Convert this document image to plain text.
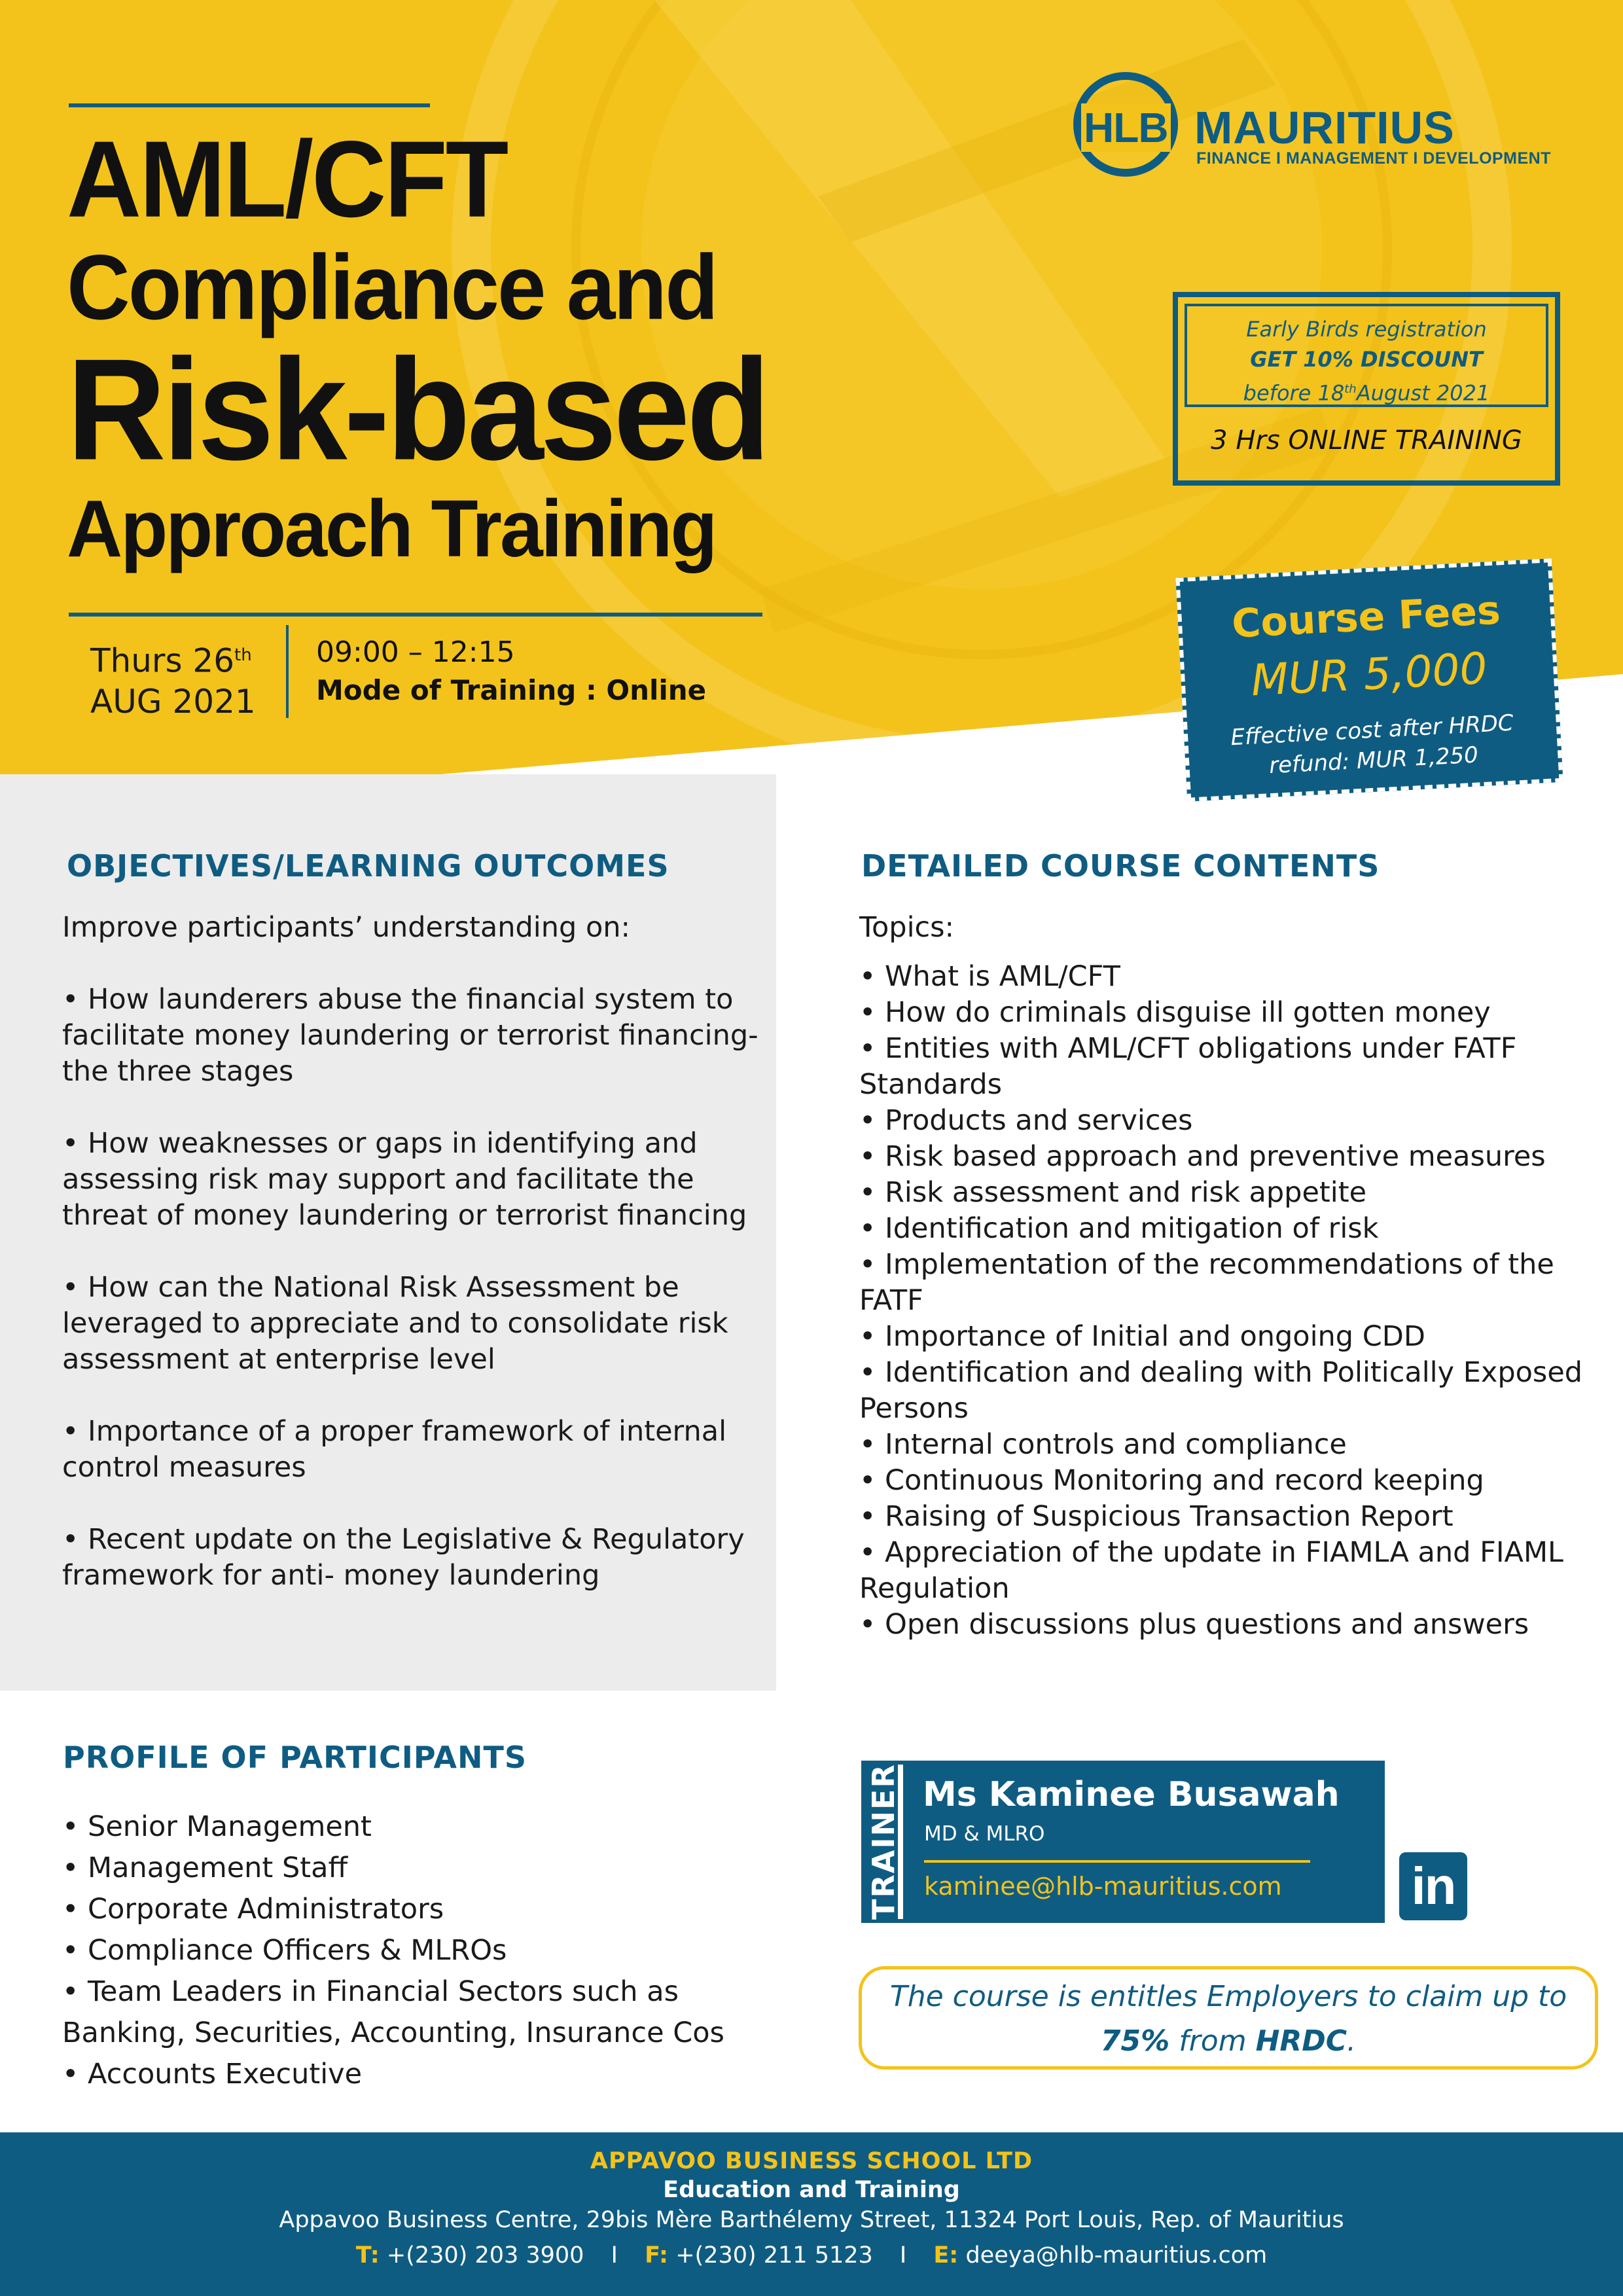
AML/CFT
Compliance and
Risk-based
Approach Training
Thurs 26th
AUG 2021
09:00 – 12:15
Mode of Training : Online
HLB MAURITIUS
FINANCE I MANAGEMENT I DEVELOPMENT
Early Birds registration
GET 10% DISCOUNT
before 18thAugust 2021
3 Hrs ONLINE TRAINING
Course Fees
MUR 5,000
Effective cost after HRDC
refund: MUR 1,250
OBJECTIVES/LEARNING OUTCOMES

Improve participants’ understanding on:

• How launderers abuse the financial system to facilitate money laundering or terrorist financing- the three stages

• How weaknesses or gaps in identifying and assessing risk may support and facilitate the threat of money laundering or terrorist financing

• How can the National Risk Assessment be leveraged to appreciate and to consolidate risk assessment at enterprise level

• Importance of a proper framework of internal control measures

• Recent update on the Legislative & Regulatory framework for anti- money laundering

DETAILED COURSE CONTENTS

Topics:

• What is AML/CFT
• How do criminals disguise ill gotten money
• Entities with AML/CFT obligations under FATF Standards
• Products and services
• Risk based approach and preventive measures
• Risk assessment and risk appetite
• Identification and mitigation of risk
• Implementation of the recommendations of the FATF
• Importance of Initial and ongoing CDD
• Identification and dealing with Politically Exposed Persons
• Internal controls and compliance
• Continuous Monitoring and record keeping
• Raising of Suspicious Transaction Report
• Appreciation of the update in FIAMLA and FIAML Regulation
• Open discussions plus questions and answers
PROFILE OF PARTICIPANTS

• Senior Management

• Management Staff

• Corporate Administrators

• Compliance Officers & MLROs

• Team Leaders in Financial Sectors such as Banking, Securities, Accounting, Insurance Cos

• Accounts Executive

TRAINER Ms Kaminee Busawah
MD & MLRO
kaminee@hlb-mauritius.com in
The course is entitles Employers to claim up to
75% from HRDC.
APPAVOO BUSINESS SCHOOL LTD
Education and Training
Appavoo Business Centre, 29bis Mère Barthélemy Street, 11324 Port Louis, Rep. of Mauritius
T: +(230) 203 3900 I F: +(230) 211 5123 I E: deeya@hlb-mauritius.com
